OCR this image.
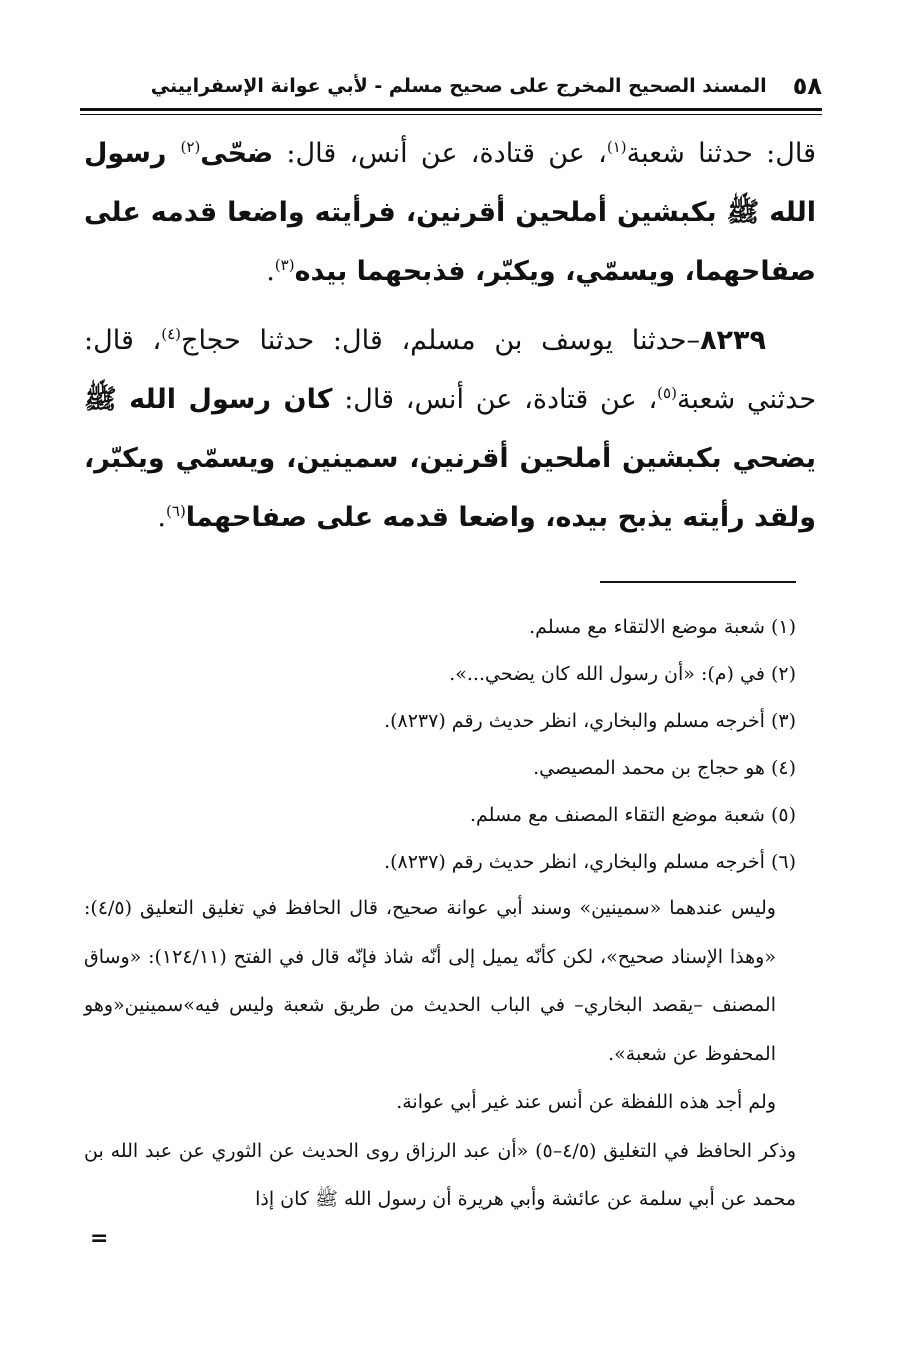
٥٨
المسند الصحيح المخرج على صحيح مسلم - لأبي عوانة الإسفراييني

قال: حدثنا شعبة$^{(١)}$، عن قتادة، عن أنس، قال: ضحّى$^{(٢)}$ رسول الله ﷺ بكبشين أملحين أقرنين، فرأيته واضعا قدمه على صفاحهما، ويسمّي، ويكبّر، فذبحهما بيده$^{(٣)}$.

٨٢٣٩–حدثنا يوسف بن مسلم، قال: حدثنا حجاج$^{(٤)}$، قال: حدثني شعبة$^{(٥)}$، عن قتادة، عن أنس، قال: كان رسول الله ﷺ يضحي بكبشين أملحين أقرنين، سمينين، ويسمّي ويكبّر، ولقد رأيته يذبح بيده، واضعا قدمه على صفاحهما$^{(٦)}$.

(١) شعبة موضع الالتقاء مع مسلم.

(٢) في (م): «أن رسول الله كان يضحي...».

(٣) أخرجه مسلم والبخاري، انظر حديث رقم (٨٢٣٧).

(٤) هو حجاج بن محمد المصيصي.

(٥) شعبة موضع التقاء المصنف مع مسلم.

(٦) أخرجه مسلم والبخاري، انظر حديث رقم (٨٢٣٧).

وليس عندهما «سمينين» وسند أبي عوانة صحيح، قال الحافظ في تغليق التعليق (٤/٥): «وهذا الإسناد صحيح»، لكن كأنّه يميل إلى أنّه شاذ فإنّه قال في الفتح (١٢٤/١١): «وساق المصنف –يقصد البخاري– في الباب الحديث من طريق شعبة وليس فيه»سمينين«وهو المحفوظ عن شعبة».

ولم أجد هذه اللفظة عن أنس عند غير أبي عوانة.

وذكر الحافظ في التغليق (٤/٥–٥) «أن عبد الرزاق روى الحديث عن الثوري عن عبد الله بن محمد عن أبي سلمة عن عائشة وأبي هريرة أن رسول الله ﷺ كان إذا

=
